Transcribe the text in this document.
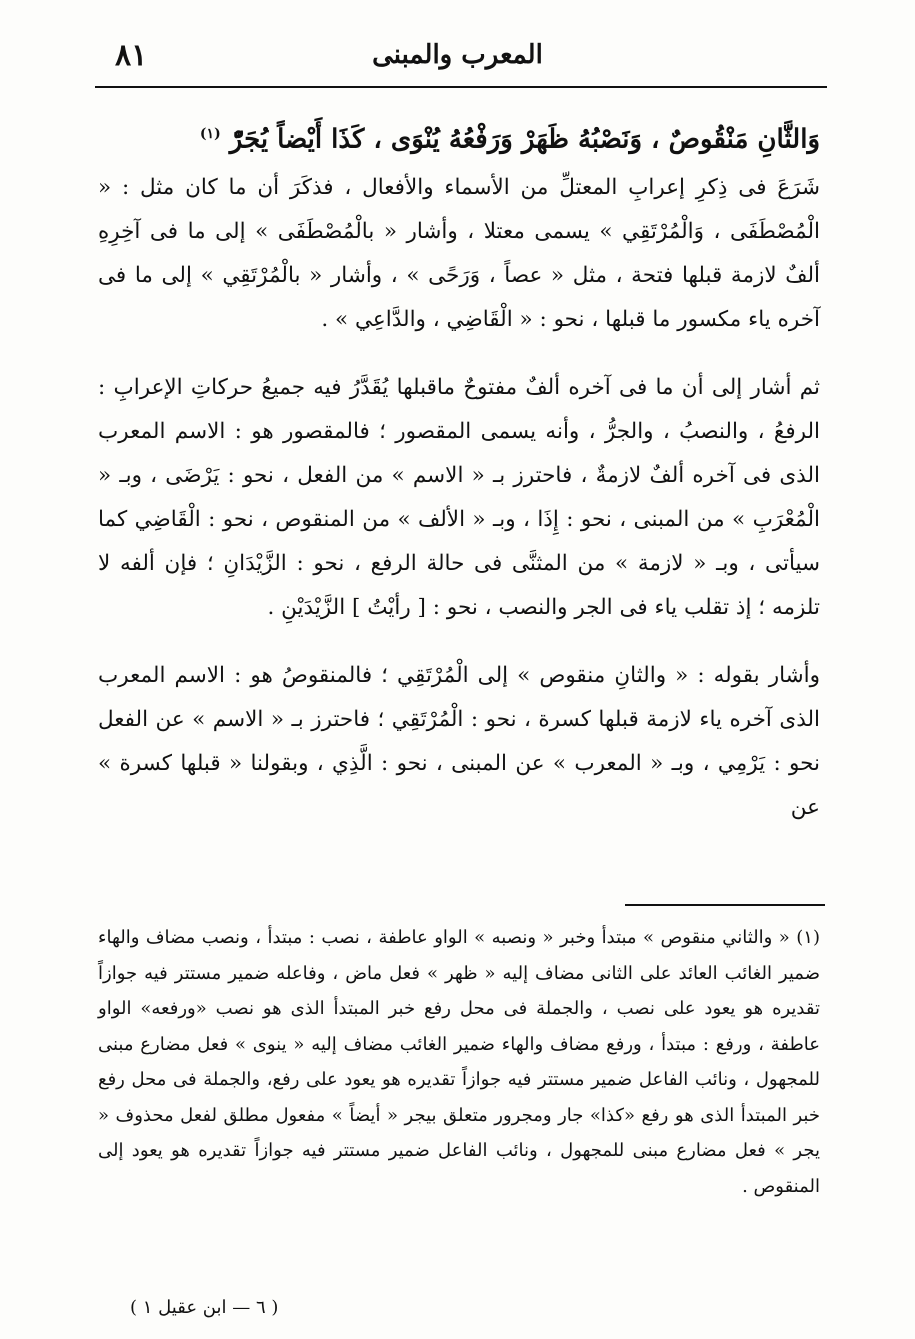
٨١	المعرب والمبنى

وَالثَّانِ مَنْقُوصٌ ، وَنَصْبُهُ ظَهَرْ وَرَفْعُهُ يُنْوَى ، كَذَا أَيْضاً يُجَرّْ $^{(١)}$

شَرَعَ فى ذِكرِ إعرابِ المعتلِّ من الأسماء والأفعال ، فذكَرَ أن ما كان مثل : « الْمُصْطَفَى ، وَالْمُرْتَقِي » يسمى معتلا ، وأشار « بالْمُصْطَفَى » إلى ما فى آخِرِهِ ألفٌ لازمة قبلها فتحة ، مثل « عصاً ، وَرَحًى » ، وأشار « بالْمُرْتَقِي » إلى ما فى آخره ياء مكسور ما قبلها ، نحو : « الْقَاضِي ، والدَّاعِي » .

ثم أشار إلى أن ما فى آخره ألفٌ مفتوحٌ ماقبلها يُقَدَّرُ فيه جميعُ حركاتِ الإعرابِ : الرفعُ ، والنصبُ ، والجرُّ ، وأنه يسمى المقصور ؛ فالمقصور هو : الاسم المعرب الذى فى آخره ألفٌ لازمةٌ ، فاحترز بـ « الاسم » من الفعل ، نحو : يَرْضَى ، وبـ « الْمُعْرَبِ » من المبنى ، نحو : إِذَا ، وبـ « الألف » من المنقوص ، نحو : الْقَاضِي كما سيأتى ، وبـ « لازمة » من المثنَّى فى حالة الرفع ، نحو : الزَّيْدَانِ ؛ فإن ألفه لا تلزمه ؛ إذ تقلب ياء فى الجر والنصب ، نحو : [ رأيْتُ ] الزَّيْدَيْنِ .

وأشار بقوله : « والثانِ منقوص » إلى الْمُرْتَقِي ؛ فالمنقوصُ هو : الاسم المعرب الذى آخره ياء لازمة قبلها كسرة ، نحو : الْمُرْتَقِي ؛ فاحترز بـ « الاسم » عن الفعل نحو : يَرْمِي ، وبـ « المعرب » عن المبنى ، نحو : الَّذِي ، وبقولنا « قبلها كسرة » عن

(١) « والثاني منقوص » مبتدأ وخبر « ونصبه » الواو عاطفة ، نصب : مبتدأ ، ونصب مضاف والهاء ضمير الغائب العائد على الثانى مضاف إليه « ظهر » فعل ماض ، وفاعله ضمير مستتر فيه جوازاً تقديره هو يعود على نصب ، والجملة فى محل رفع خبر المبتدأ الذى هو نصب «ورفعه» الواو عاطفة ، ورفع : مبتدأ ، ورفع مضاف والهاء ضمير الغائب مضاف إليه « ينوى » فعل مضارع مبنى للمجهول ، ونائب الفاعل ضمير مستتر فيه جوازاً تقديره هو يعود على رفع، والجملة فى محل رفع خبر المبتدأ الذى هو رفع «كذا» جار ومجرور متعلق بيجر « أيضاً » مفعول مطلق لفعل محذوف « يجر » فعل مضارع مبنى للمجهول ، ونائب الفاعل ضمير مستتر فيه جوازاً تقديره هو يعود إلى المنقوص .

( ٦ — ابن عقيل ١ )
